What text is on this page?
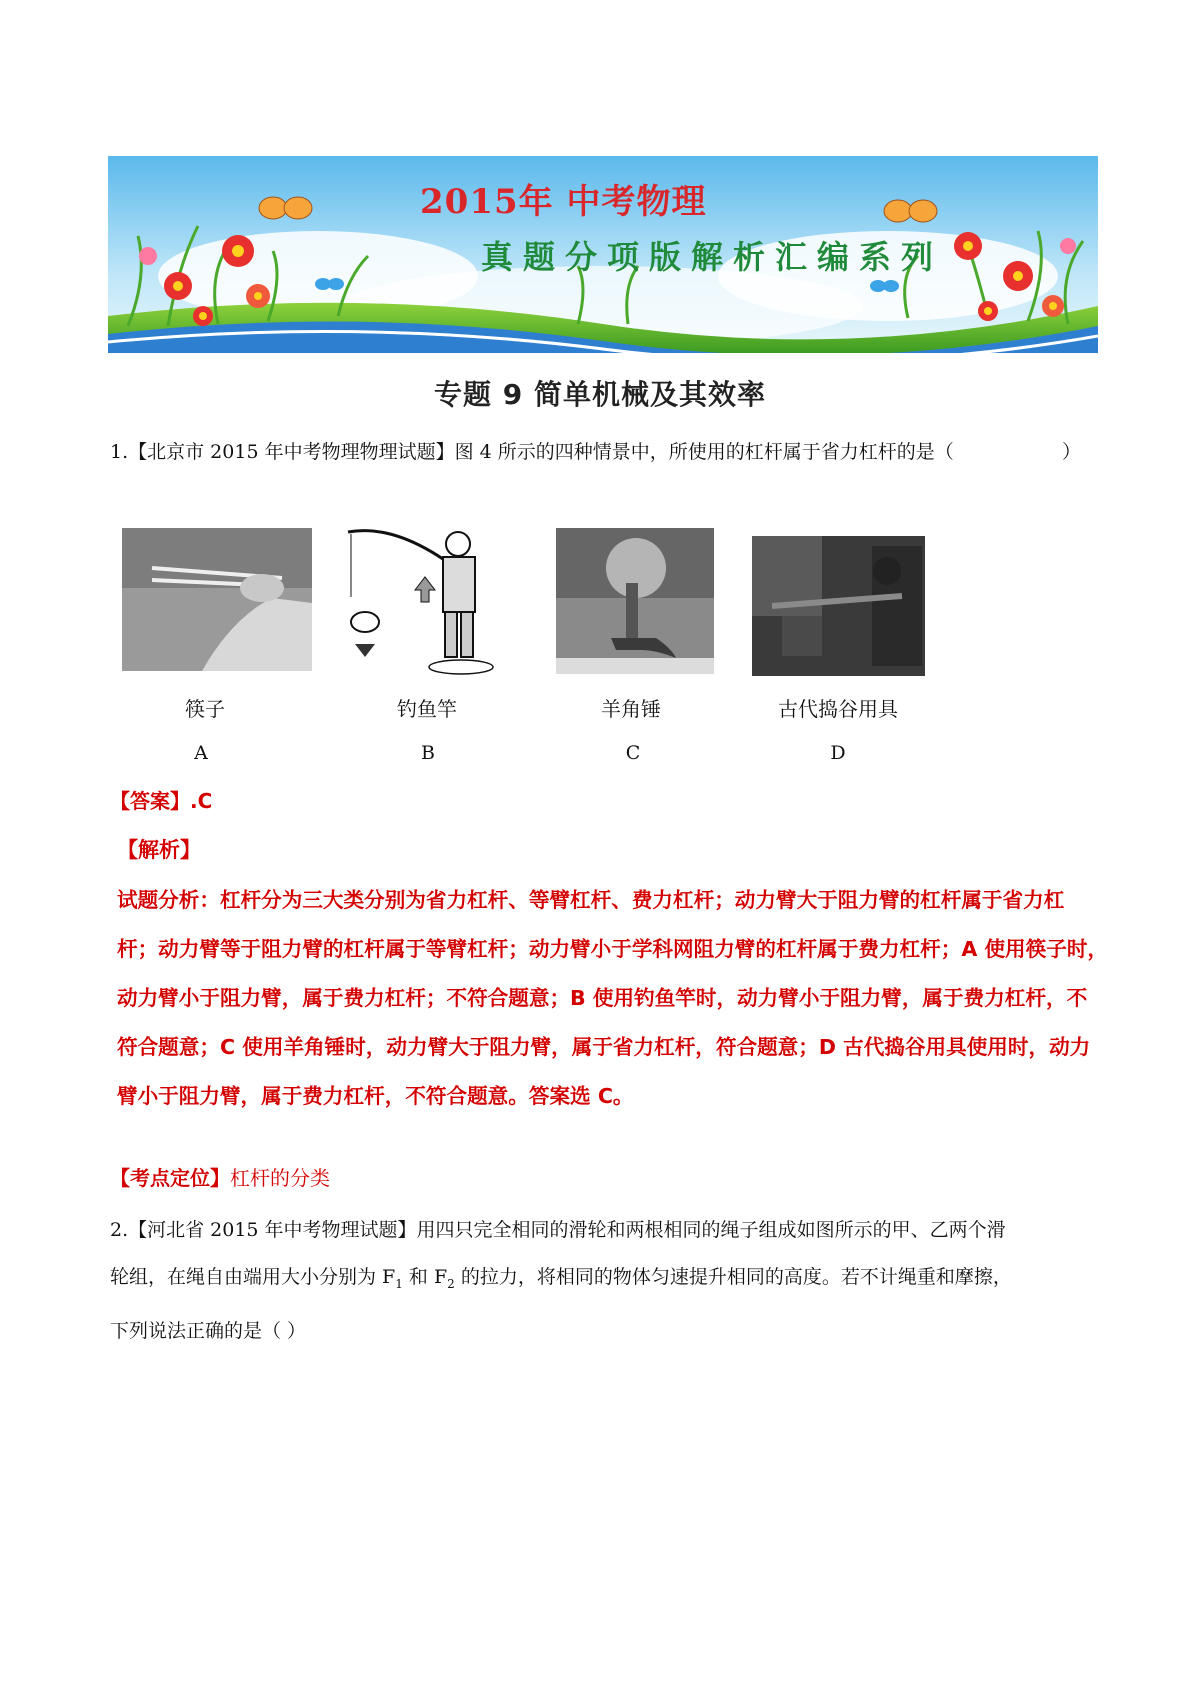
2015年 中考物理
真题分项版解析汇编系列
专题 9 简单机械及其效率
1.【北京市 2015 年中考物理物理试题】图 4 所示的四种情景中，所使用的杠杆属于省力杠杆的是（	）
筷子	钓鱼竿	羊角锤	古代捣谷用具
A	B	C	D
【答案】.C
【解析】
试题分析：杠杆分为三大类分别为省力杠杆、等臂杠杆、费力杠杆；动力臂大于阻力臂的杠杆属于省力杠
杆；动力臂等于阻力臂的杠杆属于等臂杠杆；动力臂小于学科网阻力臂的杠杆属于费力杠杆；A 使用筷子时，
动力臂小于阻力臂，属于费力杠杆；不符合题意；B 使用钓鱼竿时，动力臂小于阻力臂，属于费力杠杆，不
符合题意；C 使用羊角锤时，动力臂大于阻力臂，属于省力杠杆，符合题意；D 古代捣谷用具使用时，动力
臂小于阻力臂，属于费力杠杆，不符合题意。答案选 C。
【考点定位】杠杆的分类
2.【河北省 2015 年中考物理试题】用四只完全相同的滑轮和两根相同的绳子组成如图所示的甲、乙两个滑
轮组，在绳自由端用大小分别为 $F_1$ 和 $F_2$ 的拉力，将相同的物体匀速提升相同的高度。若不计绳重和摩擦，
下列说法正确的是（ ）
